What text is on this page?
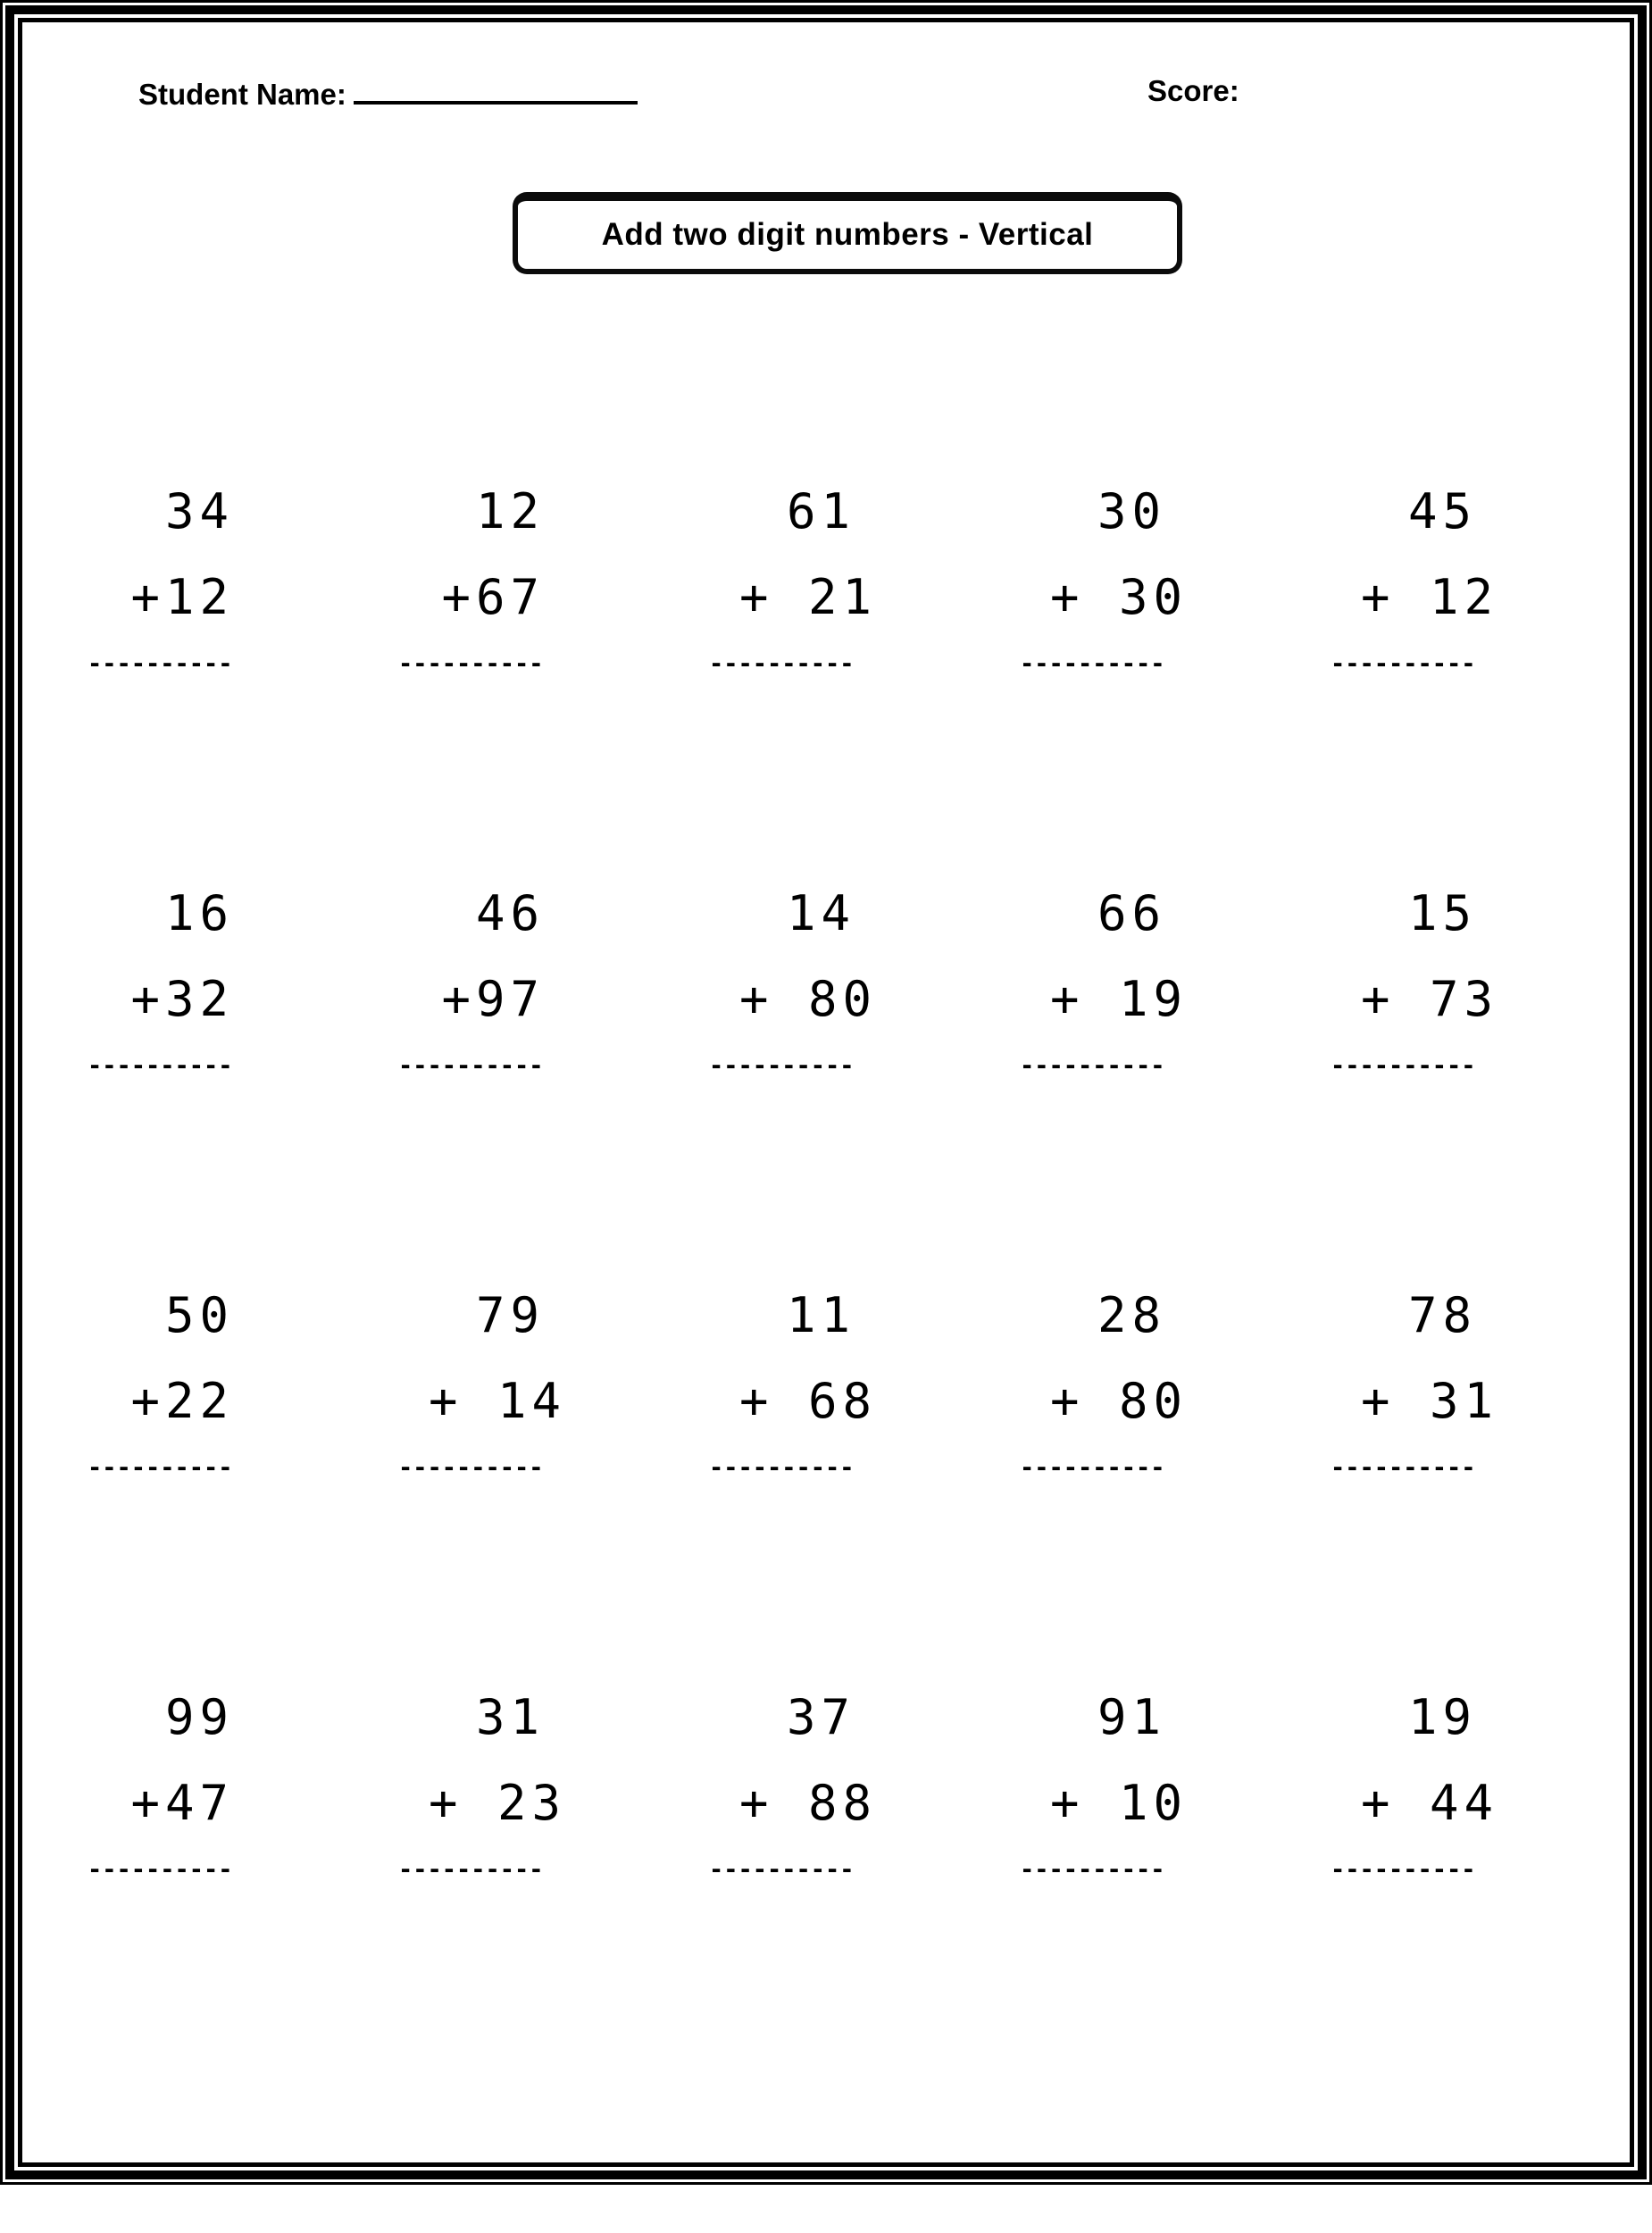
Student Name:	Score:
Add two digit numbers - Vertical
34
+12
----------
12
+67
----------
61
+ 21
----------
30
+ 30
----------
45
+ 12
----------
16
+32
----------
46
+97
----------
14
+ 80
----------
66
+ 19
----------
15
+ 73
----------
50
+22
----------
79
+ 14
----------
11
+ 68
----------
28
+ 80
----------
78
+ 31
----------
99
+47
----------
31
+ 23
----------
37
+ 88
----------
91
+ 10
----------
19
+ 44
----------
